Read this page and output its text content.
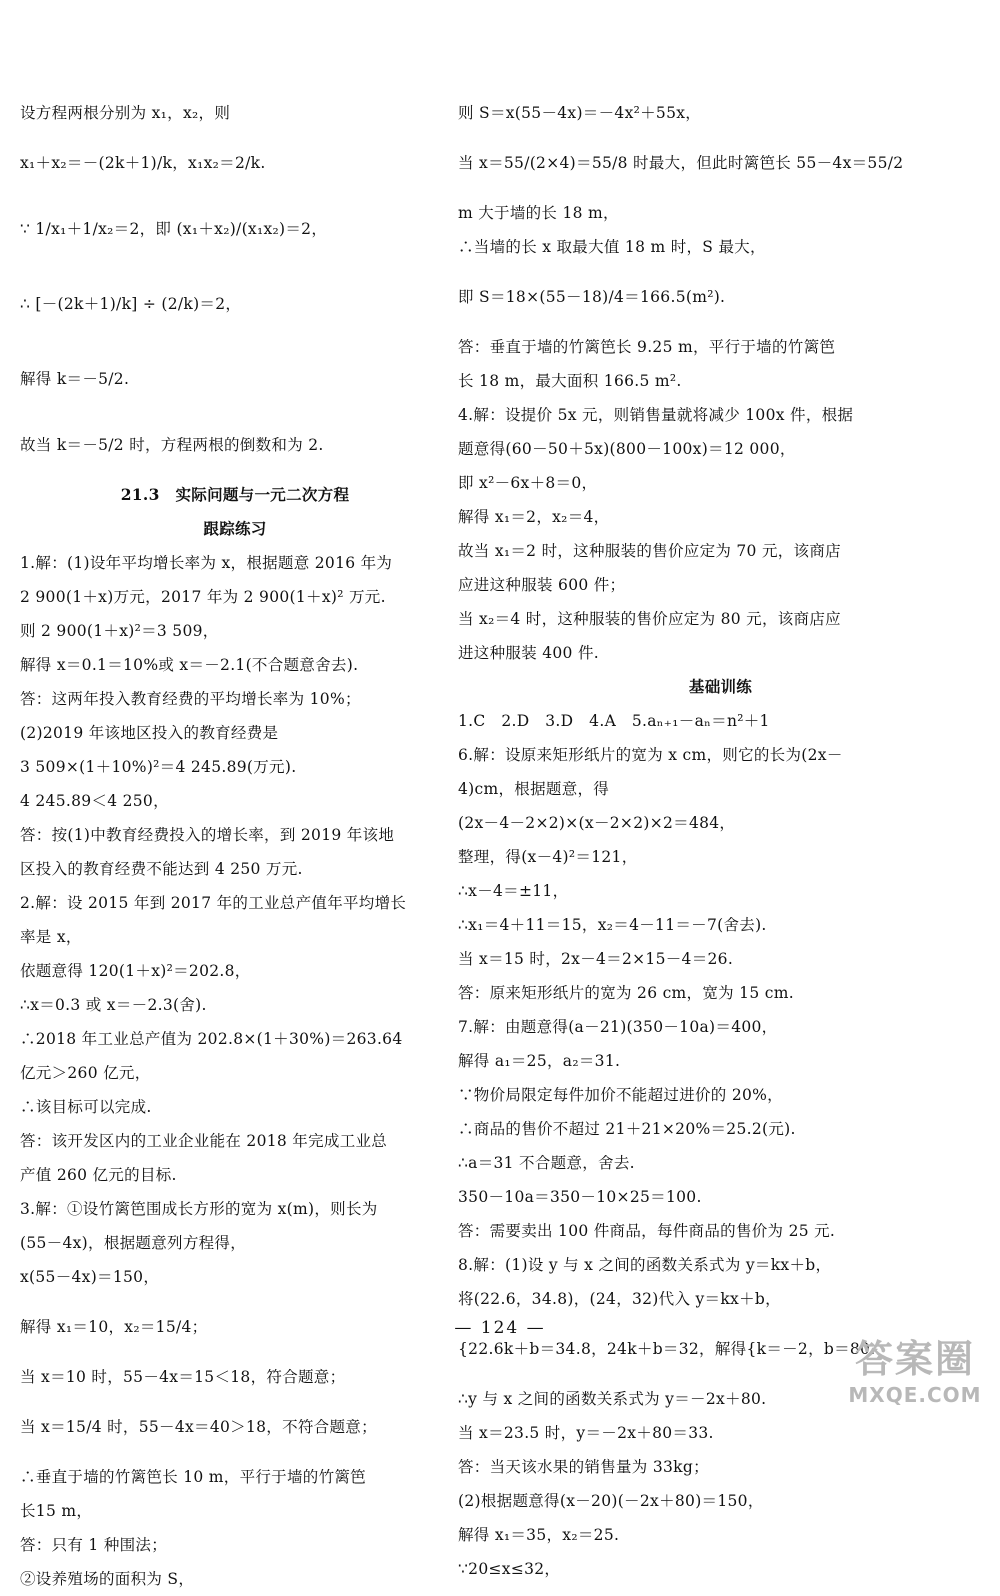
设方程两根分别为 x₁，x₂，则
x₁＋x₂＝－(2k＋1)/k，x₁x₂＝2/k.
∵ 1/x₁＋1/x₂＝2，即 (x₁＋x₂)/(x₁x₂)＝2，
∴ [－(2k＋1)/k] ÷ (2/k)＝2，
解得 k＝－5/2.
故当 k＝－5/2 时，方程两根的倒数和为 2.
21.3　实际问题与一元二次方程
跟踪练习
1.解：(1)设年平均增长率为 x，根据题意 2016 年为
2 900(1＋x)万元，2017 年为 2 900(1＋x)² 万元.
则 2 900(1＋x)²＝3 509，
解得 x＝0.1＝10%或 x＝－2.1(不合题意舍去).
答：这两年投入教育经费的平均增长率为 10%；
(2)2019 年该地区投入的教育经费是
3 509×(1＋10%)²＝4 245.89(万元).
4 245.89＜4 250，
答：按(1)中教育经费投入的增长率，到 2019 年该地
区投入的教育经费不能达到 4 250 万元.
2.解：设 2015 年到 2017 年的工业总产值年平均增长
率是 x，
依题意得 120(1＋x)²＝202.8，
∴x＝0.3 或 x＝－2.3(舍).
∴2018 年工业总产值为 202.8×(1＋30%)＝263.64
亿元＞260 亿元，
∴该目标可以完成.
答：该开发区内的工业企业能在 2018 年完成工业总
产值 260 亿元的目标.
3.解：①设竹篱笆围成长方形的宽为 x(m)，则长为
(55－4x)，根据题意列方程得，
x(55－4x)＝150，
解得 x₁＝10，x₂＝15/4；
当 x＝10 时，55－4x＝15＜18，符合题意；
当 x＝15/4 时，55－4x＝40＞18，不符合题意；
∴垂直于墙的竹篱笆长 10 m，平行于墙的竹篱笆
长15 m，
答：只有 1 种围法；
②设养殖场的面积为 S，
则 S＝x(55－4x)＝－4x²＋55x，
当 x＝55/(2×4)＝55/8 时最大，但此时篱笆长 55－4x＝55/2
m 大于墙的长 18 m，
∴当墙的长 x 取最大值 18 m 时，S 最大，
即 S＝18×(55－18)/4＝166.5(m²).
答：垂直于墙的竹篱笆长 9.25 m，平行于墙的竹篱笆
长 18 m，最大面积 166.5 m².
4.解：设提价 5x 元，则销售量就将减少 100x 件，根据
题意得(60－50＋5x)(800－100x)＝12 000，
即 x²－6x＋8＝0，
解得 x₁＝2，x₂＝4，
故当 x₁＝2 时，这种服装的售价应定为 70 元，该商店
应进这种服装 600 件；
当 x₂＝4 时，这种服装的售价应定为 80 元，该商店应
进这种服装 400 件.
基础训练
1.C　2.D　3.D　4.A　5.aₙ₊₁－aₙ＝n²＋1
6.解：设原来矩形纸片的宽为 x cm，则它的长为(2x－
4)cm，根据题意，得
(2x－4－2×2)×(x－2×2)×2＝484，
整理，得(x－4)²＝121，
∴x－4＝±11，
∴x₁＝4＋11＝15，x₂＝4－11＝－7(舍去).
当 x＝15 时，2x－4＝2×15－4＝26.
答：原来矩形纸片的宽为 26 cm，宽为 15 cm.
7.解：由题意得(a－21)(350－10a)＝400，
解得 a₁＝25，a₂＝31.
∵物价局限定每件加价不能超过进价的 20%，
∴商品的售价不超过 21＋21×20%＝25.2(元).
∴a＝31 不合题意，舍去.
350－10a＝350－10×25＝100.
答：需要卖出 100 件商品，每件商品的售价为 25 元.
8.解：(1)设 y 与 x 之间的函数关系式为 y＝kx＋b，
将(22.6，34.8)，(24，32)代入 y＝kx＋b，
{22.6k＋b＝34.8，24k＋b＝32，解得{k＝－2，b＝80.
∴y 与 x 之间的函数关系式为 y＝－2x＋80.
当 x＝23.5 时，y＝－2x＋80＝33.
答：当天该水果的销售量为 33kg；
(2)根据题意得(x－20)(－2x＋80)＝150，
解得 x₁＝35，x₂＝25.
∵20≤x≤32，
— 124 —
答案圈
MXQE.COM
